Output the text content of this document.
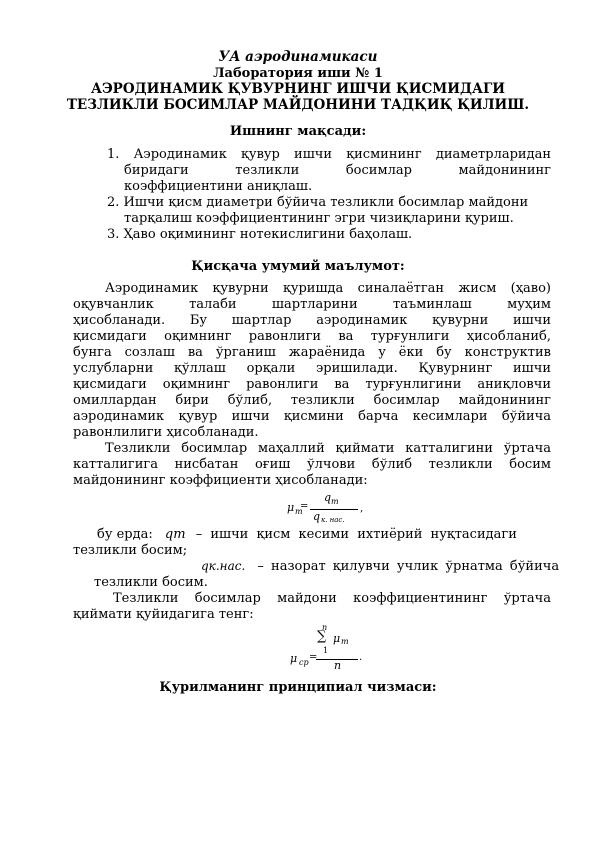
УА аэродинамикаси
Лаборатория иши № 1
АЭРОДИНАМИК ҚУВУРНИНГ ИШЧИ ҚИСМИДАГИ
ТЕЗЛИКЛИ БОСИМЛАР МАЙДОНИНИ ТАДҚИҚ ҚИЛИШ.
Ишнинг мақсади:
1. Аэродинамик қувур ишчи қисмининг диаметрларидан
биридаги тезликли босимлар майдонининг
коэффициентини аниқлаш.
2. Ишчи қисм диаметри бўйича тезликли босимлар майдони
тарқалиш коэффициентининг эгри чизиқларини қуриш.
3. Ҳаво оқимининг нотекислигини баҳолаш.
Қисқача умумий маълумот:
Аэродинамик қувурни қуришда синалаётган жисм (ҳаво)
оқувчанлик талаби шартларини таъминлаш муҳим
ҳисобланади. Бу шартлар аэродинамик қувурни ишчи
қисмидаги оқимнинг равонлиги ва турғунлиги ҳисобланиб,
бунга созлаш ва ўрганиш жараёнида у ёки бу конструктив
услубларни қўллаш орқали эришилади. Қувурнинг ишчи
қисмидаги оқимнинг равонлиги ва турғунлигини аниқловчи
омиллардан бири бўлиб, тезликли босимлар майдонининг
аэродинамик қувур ишчи қисмини барча кесимлари бўйича
равонлилиги ҳисобланади.
Тезликли босимлар маҳаллий қиймати катталигини ўртача
катталигига нисбатан оғиш ўлчови бўлиб тезликли босим
майдонининг коэффициенти ҳисобланади:
μ т
=
q т
q к. нас.
,
бу ерда: qт – ишчи қисм кесими ихтиёрий нуқтасидаги
тезликли босим;
qк.нас. – назорат қилувчи учлик ўрнатма бўйича
тезликли босим.
Тезликли босимлар майдони коэффициентининг ўртача
қиймати қуйидагига тенг:
n
∑ μ т
1
μ ср =
n
.
Қурилманинг принципиал чизмаси:
